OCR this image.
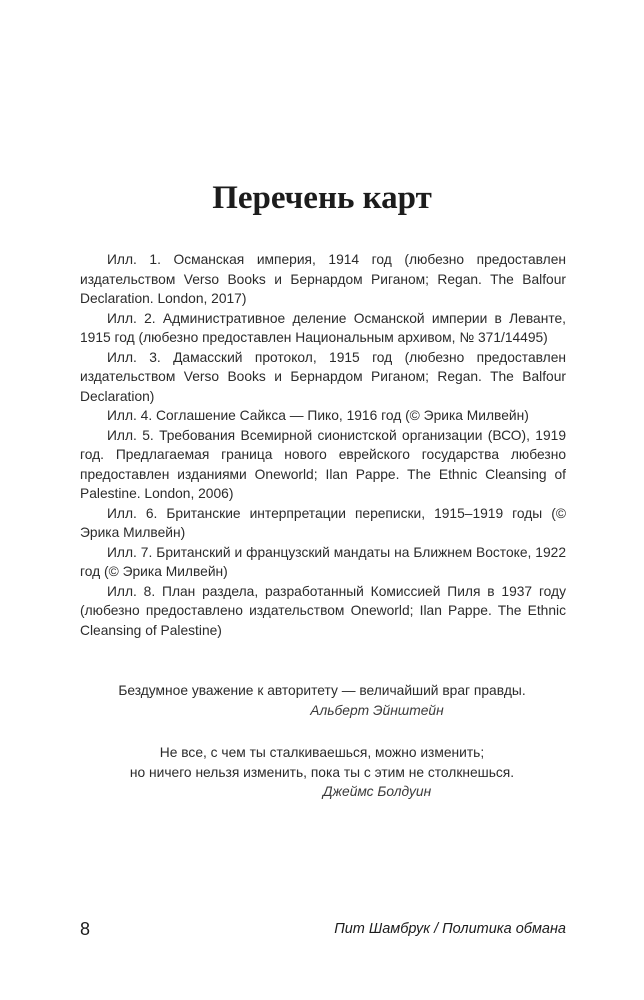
Перечень карт

Илл. 1. Османская империя, 1914 год (любезно предоставлен издательством Verso Books и Бернардом Риганом; Regan. The Balfour Declaration. London, 2017)

Илл. 2. Административное деление Османской империи в Леванте, 1915 год (любезно предоставлен Национальным архивом, № 371/14495)

Илл. 3. Дамасский протокол, 1915 год (любезно предоставлен издательством Verso Books и Бернардом Риганом; Regan. The Balfour Declaration)

Илл. 4. Соглашение Сайкса — Пико, 1916 год (© Эрика Милвейн)

Илл. 5. Требования Всемирной сионистской организации (ВСО), 1919 год. Предлагаемая граница нового еврейского государства любезно предоставлен изданиями Oneworld; Ilan Pappe. The Ethnic Cleansing of Palestine. London, 2006)

Илл. 6. Британские интерпретации переписки, 1915–1919 годы (© Эрика Милвейн)

Илл. 7. Британский и французский мандаты на Ближнем Востоке, 1922 год (© Эрика Милвейн)

Илл. 8. План раздела, разработанный Комиссией Пиля в 1937 году (любезно предоставлено издательством Oneworld; Ilan Pappe. The Ethnic Cleansing of Palestine)

Бездумное уважение к авторитету — величайший враг правды.
Альберт Эйнштейн
Не все, с чем ты сталкиваешься, можно изменить;
но ничего нельзя изменить, пока ты с этим не столкнешься.
Джеймс Болдуин
8	Пит Шамбрук / Политика обмана
